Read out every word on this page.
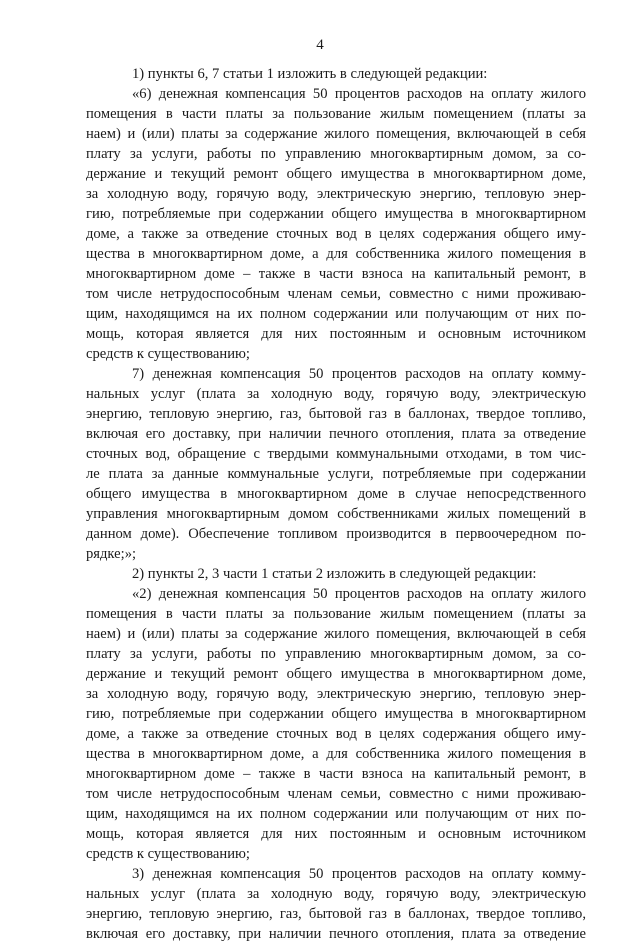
4
1) пункты 6, 7 статьи 1 изложить в следующей редакции:
«6) денежная компенсация 50 процентов расходов на оплату жилого
помещения в части платы за пользование жилым помещением (платы за
наем) и (или) платы за содержание жилого помещения, включающей в себя
плату за услуги, работы по управлению многоквартирным домом, за со-
держание и текущий ремонт общего имущества в многоквартирном доме,
за холодную воду, горячую воду, электрическую энергию, тепловую энер-
гию, потребляемые при содержании общего имущества в многоквартирном
доме, а также за отведение сточных вод в целях содержания общего иму-
щества в многоквартирном доме, а для собственника жилого помещения в
многоквартирном доме – также в части взноса на капитальный ремонт, в
том числе нетрудоспособным членам семьи, совместно с ними проживаю-
щим, находящимся на их полном содержании или получающим от них по-
мощь, которая является для них постоянным и основным источником
средств к существованию;
7) денежная компенсация 50 процентов расходов на оплату комму-
нальных услуг (плата за холодную воду, горячую воду, электрическую
энергию, тепловую энергию, газ, бытовой газ в баллонах, твердое топливо,
включая его доставку, при наличии печного отопления, плата за отведение
сточных вод, обращение с твердыми коммунальными отходами, в том чис-
ле плата за данные коммунальные услуги, потребляемые при содержании
общего имущества в многоквартирном доме в случае непосредственного
управления многоквартирным домом собственниками жилых помещений в
данном доме). Обеспечение топливом производится в первоочередном по-
рядке;»;
2) пункты 2, 3 части 1 статьи 2 изложить в следующей редакции:
«2) денежная компенсация 50 процентов расходов на оплату жилого
помещения в части платы за пользование жилым помещением (платы за
наем) и (или) платы за содержание жилого помещения, включающей в себя
плату за услуги, работы по управлению многоквартирным домом, за со-
держание и текущий ремонт общего имущества в многоквартирном доме,
за холодную воду, горячую воду, электрическую энергию, тепловую энер-
гию, потребляемые при содержании общего имущества в многоквартирном
доме, а также за отведение сточных вод в целях содержания общего иму-
щества в многоквартирном доме, а для собственника жилого помещения в
многоквартирном доме – также в части взноса на капитальный ремонт, в
том числе нетрудоспособным членам семьи, совместно с ними проживаю-
щим, находящимся на их полном содержании или получающим от них по-
мощь, которая является для них постоянным и основным источником
средств к существованию;
3) денежная компенсация 50 процентов расходов на оплату комму-
нальных услуг (плата за холодную воду, горячую воду, электрическую
энергию, тепловую энергию, газ, бытовой газ в баллонах, твердое топливо,
включая его доставку, при наличии печного отопления, плата за отведение
